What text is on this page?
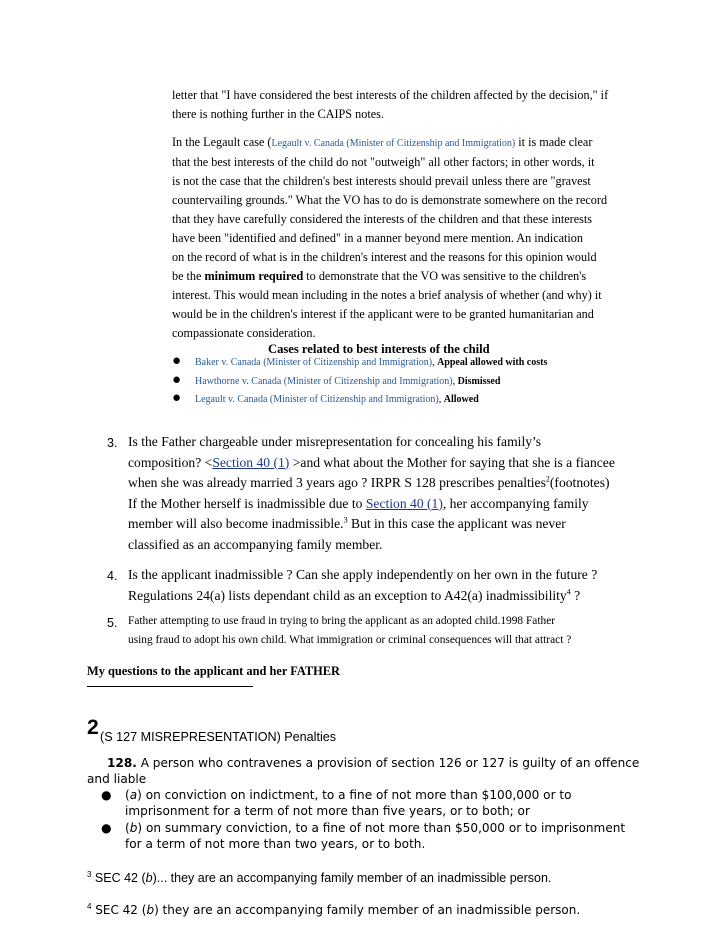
letter that "I have considered the best interests of the children affected by the decision," if
there is nothing further in the CAIPS notes.
In the Legault case (Legault v. Canada (Minister of Citizenship and Immigration) it is made clear
that the best interests of the child do not "outweigh" all other factors; in other words, it
is not the case that the children's best interests should prevail unless there are "gravest
countervailing grounds." What the VO has to do is demonstrate somewhere on the record
that they have carefully considered the interests of the children and that these interests
have been "identified and defined" in a manner beyond mere mention. An indication
on the record of what is in the children's interest and the reasons for this opinion would
be the minimum required to demonstrate that the VO was sensitive to the children's
interest. This would mean including in the notes a brief analysis of whether (and why) it
would be in the children's interest if the applicant were to be granted humanitarian and
compassionate consideration.
Cases related to best interests of the child
● Baker v. Canada (Minister of Citizenship and Immigration), Appeal allowed with costs
● Hawthorne v. Canada (Minister of Citizenship and Immigration), Dismissed
● Legault v. Canada (Minister of Citizenship and Immigration), Allowed
3. Is the Father chargeable under misrepresentation for concealing his family’s
composition? <Section 40 (1) >and what about the Mother for saying that she is a fiancee
when she was already married 3 years ago ? IRPR S 128 prescribes penalties$^2$(footnotes)
If the Mother herself is inadmissible due to Section 40 (1), her accompanying family
member will also become inadmissible.$^3$ But in this case the applicant was never
classified as an accompanying family member.
4. Is the applicant inadmissible ? Can she apply independently on her own in the future ?
Regulations 24(a) lists dependant child as an exception to A42(a) inadmissibility$^4$ ?
5. Father attempting to use fraud in trying to bring the applicant as an adopted child.1998 Father
using fraud to adopt his own child. What immigration or criminal consequences will that attract ?
My questions to the applicant and her FATHER
2 (S 127 MISREPRESENTATION) Penalties
128. A person who contravenes a provision of section 126 or 127 is guilty of an offence
and liable
● (a) on conviction on indictment, to a fine of not more than $100,000 or to
imprisonment for a term of not more than five years, or to both; or
● (b) on summary conviction, to a fine of not more than $50,000 or to imprisonment
for a term of not more than two years, or to both.
$^3$ SEC 42 (b)... they are an accompanying family member of an inadmissible person.
$^4$ SEC 42 (b) they are an accompanying family member of an inadmissible person.
